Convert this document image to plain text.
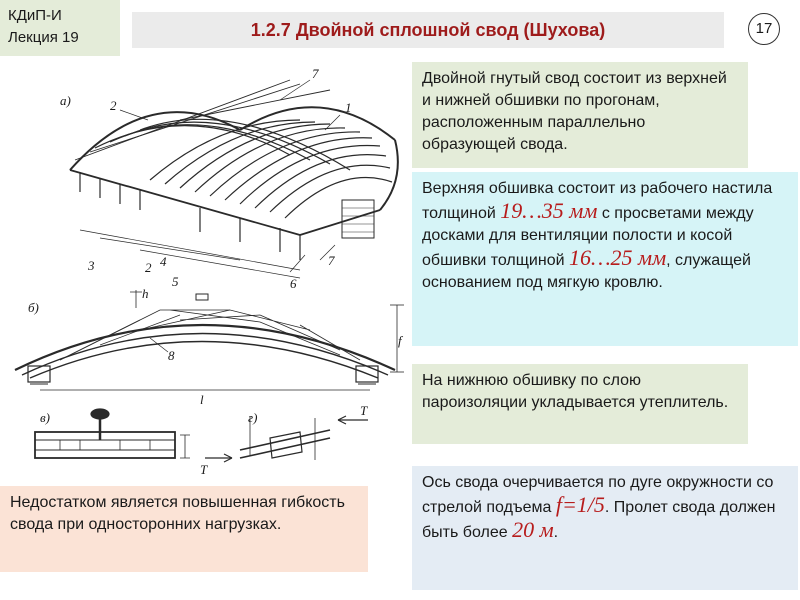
КДиП-И
Лекция 19	1.2.7 Двойной сплошной свод (Шухова)	17
а)	2
7
1
3	2 4
5	6
7
б)
h
f
8
l
в)	г)	T
T
Двойной гнутый свод состоит из верхней и нижней обшивки по прогонам, расположенным параллельно образующей свода.
Верхняя обшивка состоит из рабочего настила толщиной 19…35 мм с просветами между досками для вентиляции полости и косой обшивки толщиной 16…25 мм, служащей основанием под мягкую кровлю.
На нижнюю обшивку по слою пароизоляции укладывается утеплитель.
Ось свода очерчивается по дуге окружности со стрелой подъема f=1/5. Пролет свода должен быть более 20 м.
Недостатком является повышенная гибкость свода при односторонних нагрузках.
